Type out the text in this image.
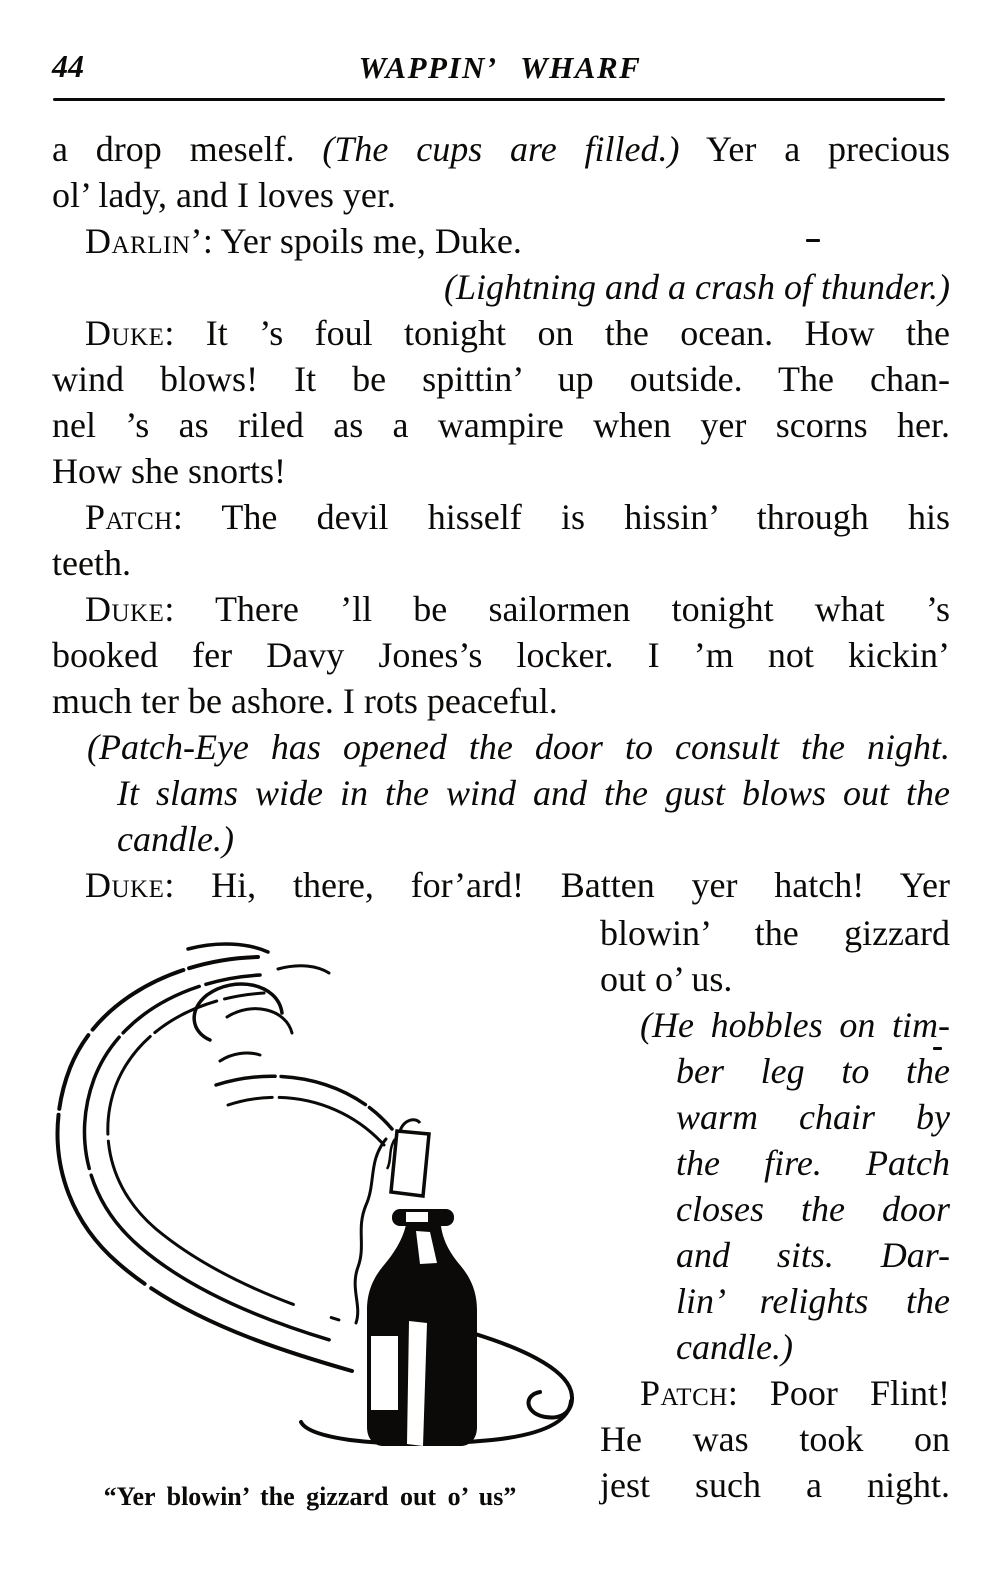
44	WAPPIN’ WHARF
a drop meself. (The cups are filled.) Yer a precious
ol’ lady, and I loves yer.
Darlin’: Yer spoils me, Duke.
(Lightning and a crash of thunder.)
Duke: It ’s foul tonight on the ocean. How the
wind blows! It be spittin’ up outside. The chan-
nel ’s as riled as a wampire when yer scorns her.
How she snorts!
Patch: The devil hisself is hissin’ through his
teeth.
Duke: There ’ll be sailormen tonight what ’s
booked fer Davy Jones’s locker. I ’m not kickin’
much ter be ashore. I rots peaceful.
(Patch-Eye has opened the door to consult the night.
It slams wide in the wind and the gust blows out the
candle.)
Duke: Hi, there, for’ard! Batten yer hatch! Yer
blowin’ the gizzard
out o’ us.
(He hobbles on tim-
ber leg to the
warm chair by
the fire. Patch
closes the door
and sits. Dar-
lin’ relights the
candle.)
Patch: Poor Flint!
He was took on
jest such a night.
“Yer blowin’ the gizzard out o’ us”
